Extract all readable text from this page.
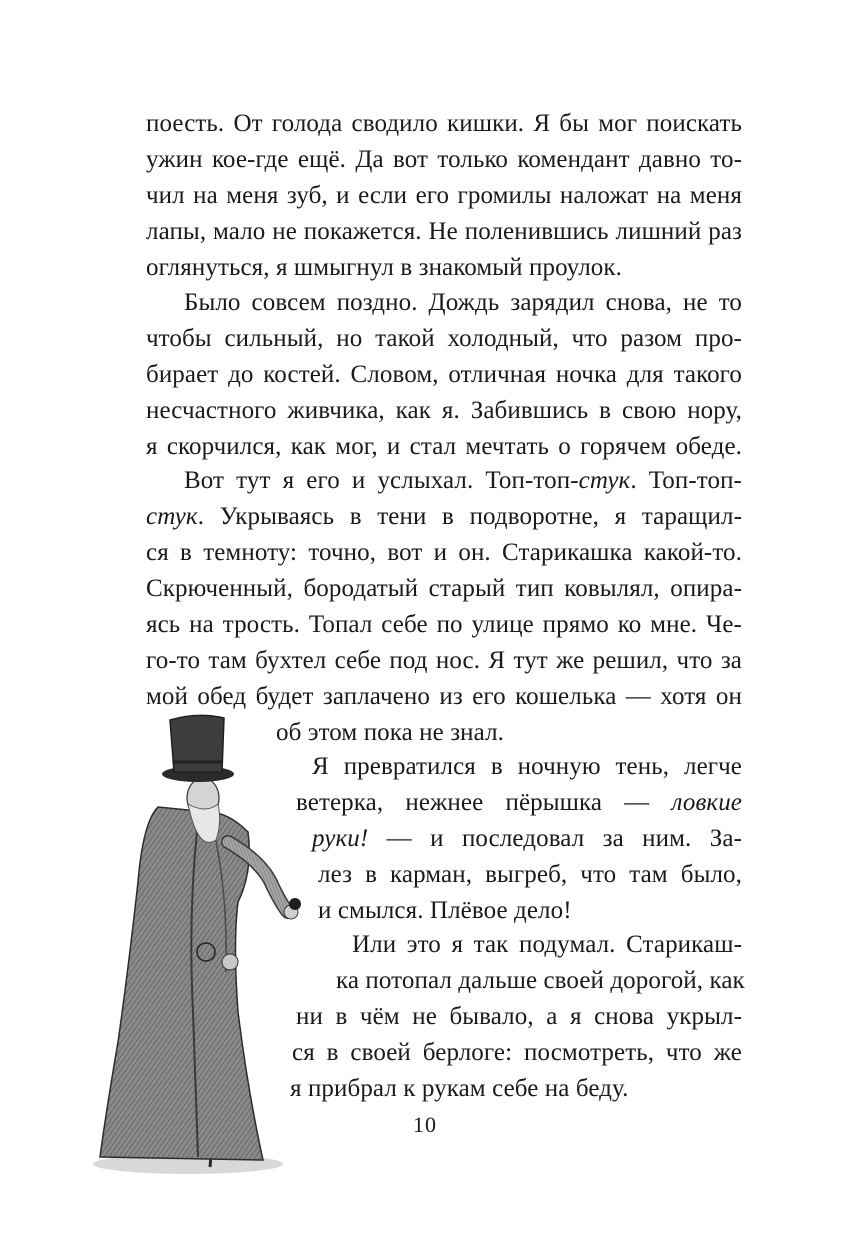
поесть. От голода сводило кишки. Я бы мог поискать
ужин кое-где ещё. Да вот только комендант давно то-
чил на меня зуб, и если его громилы наложат на меня
лапы, мало не покажется. Не поленившись лишний раз
оглянуться, я шмыгнул в знакомый проулок.
Было совсем поздно. Дождь зарядил снова, не то
чтобы сильный, но такой холодный, что разом про-
бирает до костей. Словом, отличная ночка для такого
несчастного живчика, как я. Забившись в свою нору,
я скорчился, как мог, и стал мечтать о горячем обеде.
Вот тут я его и услыхал. Топ-топ-стук. Топ-топ-
стук. Укрываясь в тени в подворотне, я таращил-
ся в темноту: точно, вот и он. Старикашка какой-то.
Скрюченный, бородатый старый тип ковылял, опира-
ясь на трость. Топал себе по улице прямо ко мне. Че-
го-то там бухтел себе под нос. Я тут же решил, что за
мой обед будет заплачено из его кошелька — хотя он
об этом пока не знал.
Я превратился в ночную тень, легче
ветерка, нежнее пёрышка — ловкие
руки! — и последовал за ним. За-
лез в карман, выгреб, что там было,
и смылся. Плёвое дело!
Или это я так подумал. Старикаш-
ка потопал дальше своей дорогой, как
ни в чём не бывало, а я снова укрыл-
ся в своей берлоге: посмотреть, что же
я прибрал к рукам себе на беду.
10
